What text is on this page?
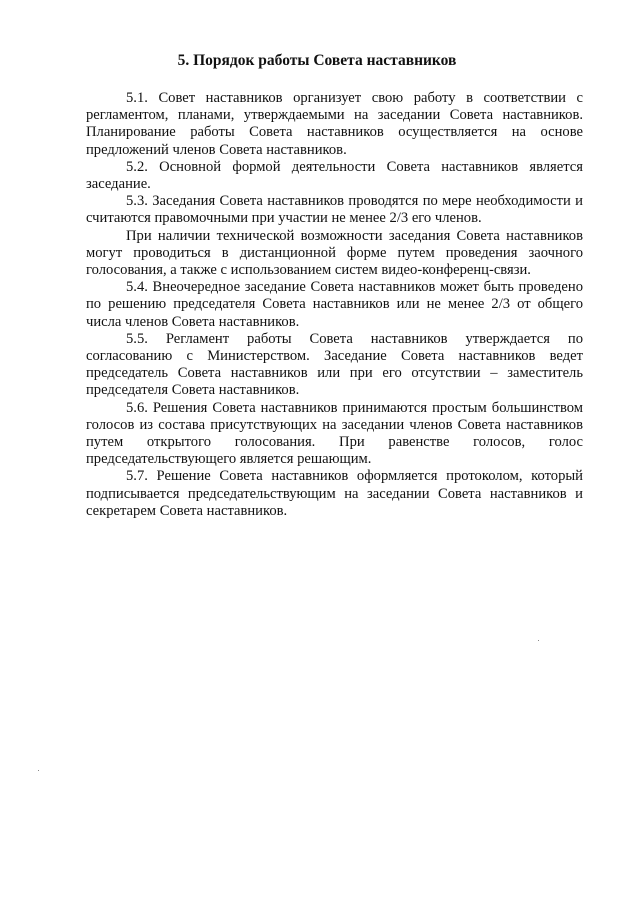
5. Порядок работы Совета наставников

5.1. Совет наставников организует свою работу в соответствии с регламентом, планами, утверждаемыми на заседании Совета наставников. Планирование работы Совета наставников осуществляется на основе предложений членов Совета наставников.

5.2. Основной формой деятельности Совета наставников является заседание.

5.3. Заседания Совета наставников проводятся по мере необходимости и считаются правомочными при участии не менее 2/3 его членов.

При наличии технической возможности заседания Совета наставников могут проводиться в дистанционной форме путем проведения заочного голосования, а также с использованием систем видео-конференц-связи.

5.4. Внеочередное заседание Совета наставников может быть проведено по решению председателя Совета наставников или не менее 2/3 от общего числа членов Совета наставников.

5.5. Регламент работы Совета наставников утверждается по согласованию с Министерством. Заседание Совета наставников ведет председатель Совета наставников или при его отсутствии – заместитель председателя Совета наставников.

5.6. Решения Совета наставников принимаются простым большинством голосов из состава присутствующих на заседании членов Совета наставников путем открытого голосования. При равенстве голосов, голос председательствующего является решающим.

5.7. Решение Совета наставников оформляется протоколом, который подписывается председательствующим на заседании Совета наставников и секретарем Совета наставников.
